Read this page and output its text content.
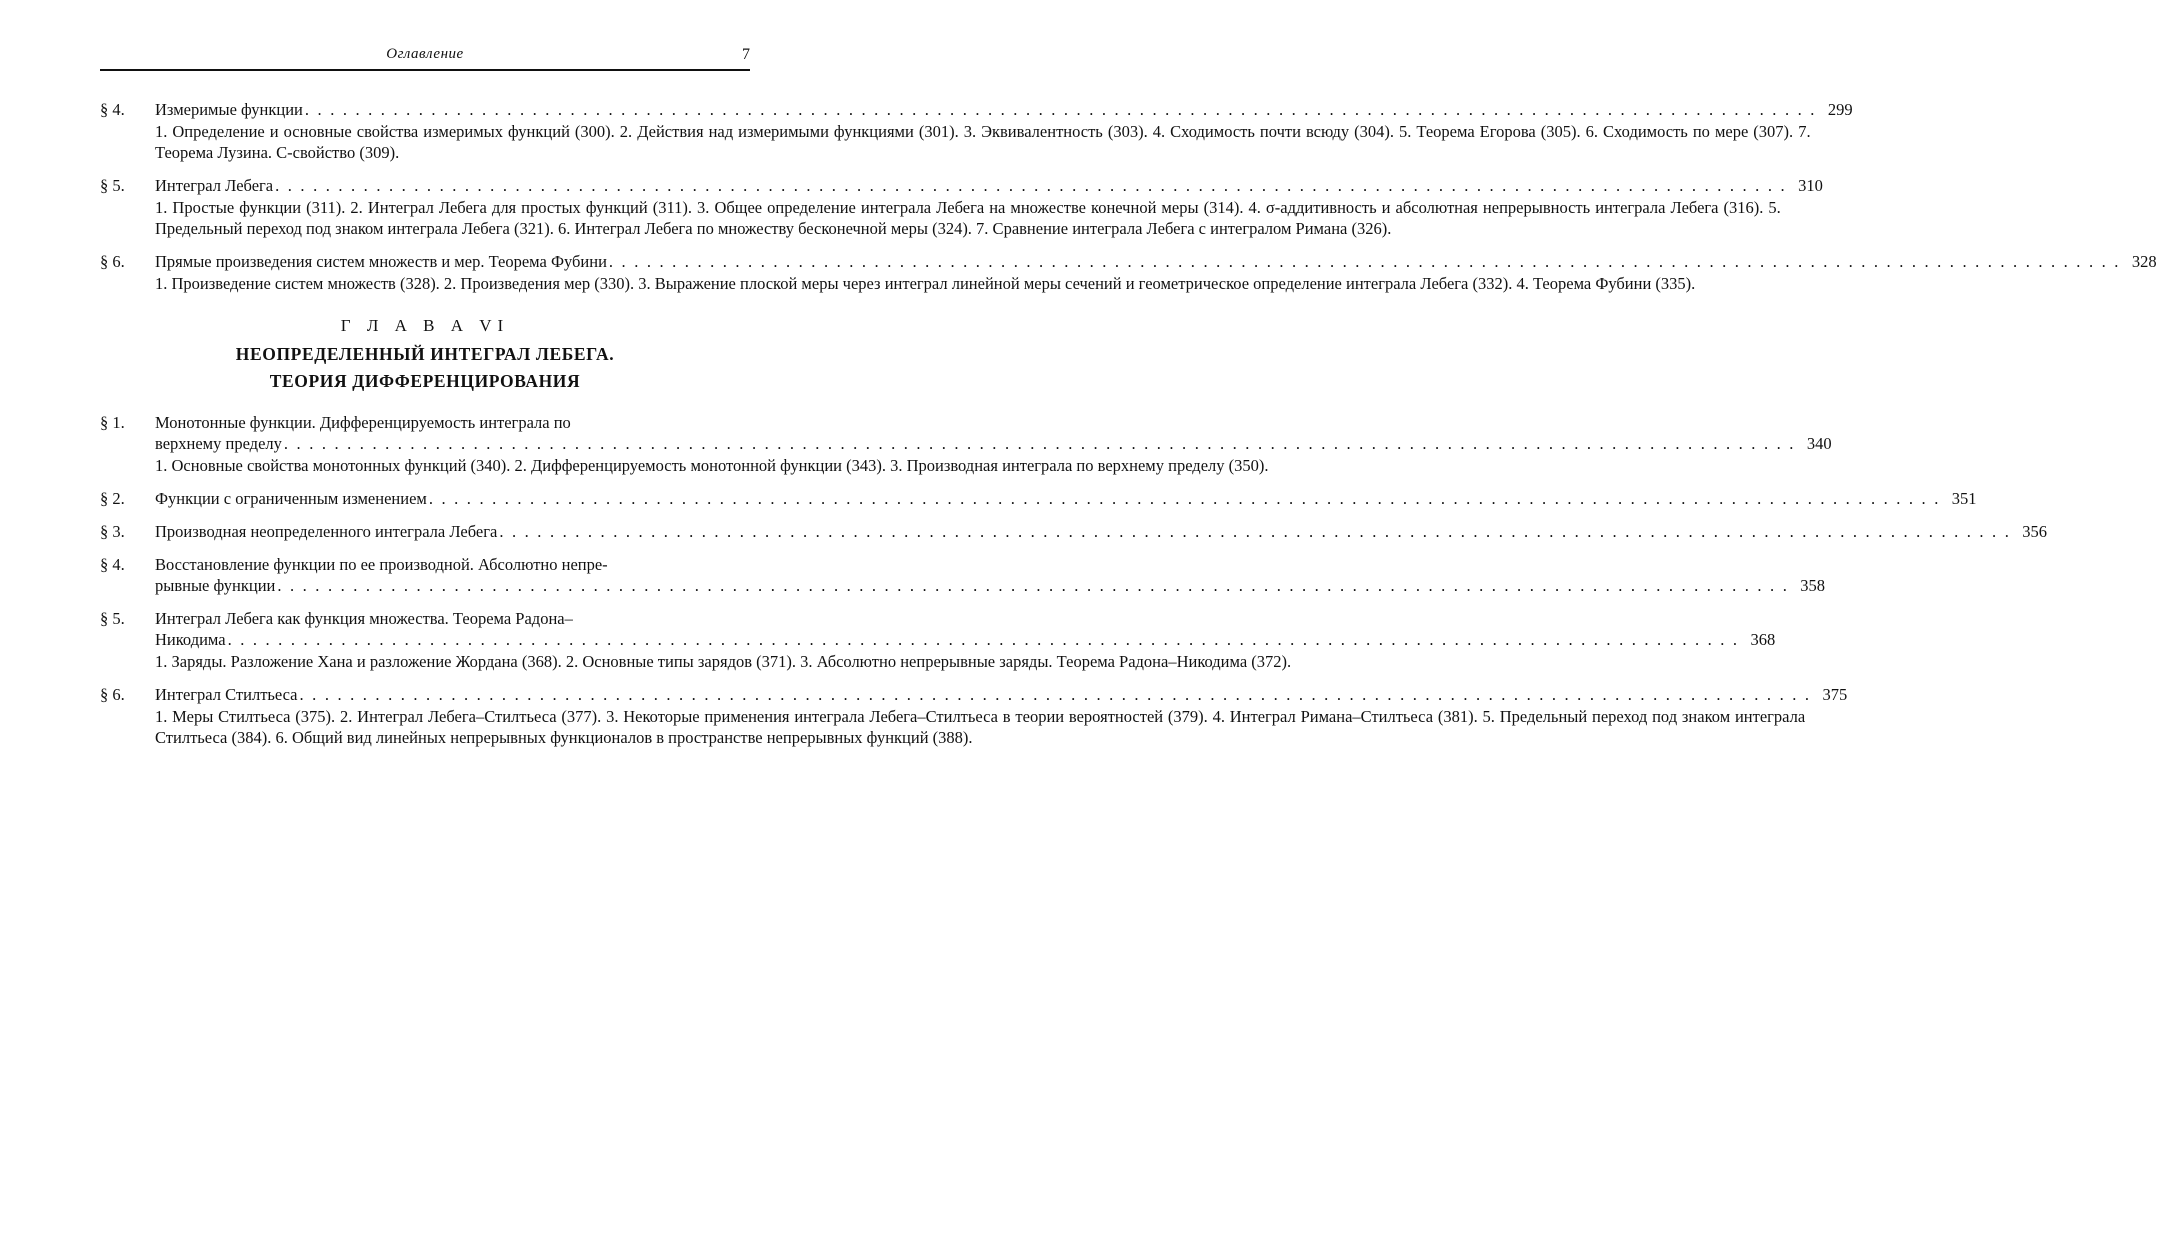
Оглавление	7
§ 4.	Измеримые функции . . . . . . . . . . . . . . . . . . . . . . . . . . . . . . . . . . . . . . . . . . . . . . . . . . . . . . . . . . . . . . . . . . . . . . . . . . . . . . . . . . . . . . . . . . . . . . . . . . . . . . . . . . . . . . . . . . . . . . . . 299
1. Определение и основные свойства измеримых функций (300). 2. Действия над измеримыми функциями (301). 3. Эквивалентность (303). 4. Сходимость почти всюду (304). 5. Теорема Егорова (305). 6. Сходимость по мере (307). 7. Теорема Лузина. C-свойство (309).
§ 5.	Интеграл Лебега . . . . . . . . . . . . . . . . . . . . . . . . . . . . . . . . . . . . . . . . . . . . . . . . . . . . . . . . . . . . . . . . . . . . . . . . . . . . . . . . . . . . . . . . . . . . . . . . . . . . . . . . . . . . . . . . . . . . . . . . 310
1. Простые функции (311). 2. Интеграл Лебега для простых функций (311). 3. Общее определение интеграла Лебега на множестве конечной меры (314). 4. σ-аддитивность и абсолютная непрерывность интеграла Лебега (316). 5. Предельный переход под знаком интеграла Лебега (321). 6. Интеграл Лебега по множеству бесконечной меры (324). 7. Сравнение интеграла Лебега с интегралом Римана (326).
§ 6.	Прямые произведения систем множеств и мер. Теорема Фубини . . . . . . . . . . . . . . . . . . . . . . . . . . . . . . . . . . . . . . . . . . . . . . . . . . . . . . . . . . . . . . . . . . . . . . . . . . . . . . . . . . . . . . . . . . . . . . . . . . . . . . . . . . . . . . . . . . . . . . . . 328
1. Произведение систем множеств (328). 2. Произведения мер (330). 3. Выражение плоской меры через интеграл линейной меры сечений и геометрическое определение интеграла Лебега (332). 4. Теорема Фубини (335).
Г Л А В А VI
НЕОПРЕДЕЛЕННЫЙ ИНТЕГРАЛ ЛЕБЕГА.
ТЕОРИЯ ДИФФЕРЕНЦИРОВАНИЯ
§ 1.	Монотонные функции. Дифференцируемость интеграла по
верхнему пределу . . . . . . . . . . . . . . . . . . . . . . . . . . . . . . . . . . . . . . . . . . . . . . . . . . . . . . . . . . . . . . . . . . . . . . . . . . . . . . . . . . . . . . . . . . . . . . . . . . . . . . . . . . . . . . . . . . . . . . . . 340
1. Основные свойства монотонных функций (340). 2. Дифференцируемость монотонной функции (343). 3. Производная интеграла по верхнему пределу (350).
§ 2.	Функции с ограниченным изменением . . . . . . . . . . . . . . . . . . . . . . . . . . . . . . . . . . . . . . . . . . . . . . . . . . . . . . . . . . . . . . . . . . . . . . . . . . . . . . . . . . . . . . . . . . . . . . . . . . . . . . . . . . . . . . . . . . . . . . . . 351
§ 3.	Производная неопределенного интеграла Лебега . . . . . . . . . . . . . . . . . . . . . . . . . . . . . . . . . . . . . . . . . . . . . . . . . . . . . . . . . . . . . . . . . . . . . . . . . . . . . . . . . . . . . . . . . . . . . . . . . . . . . . . . . . . . . . . . . . . . . . . . 356
§ 4.	Восстановление функции по ее производной. Абсолютно непре-
рывные функции . . . . . . . . . . . . . . . . . . . . . . . . . . . . . . . . . . . . . . . . . . . . . . . . . . . . . . . . . . . . . . . . . . . . . . . . . . . . . . . . . . . . . . . . . . . . . . . . . . . . . . . . . . . . . . . . . . . . . . . . 358
§ 5.	Интеграл Лебега как функция множества. Теорема Радона–
Никодима . . . . . . . . . . . . . . . . . . . . . . . . . . . . . . . . . . . . . . . . . . . . . . . . . . . . . . . . . . . . . . . . . . . . . . . . . . . . . . . . . . . . . . . . . . . . . . . . . . . . . . . . . . . . . . . . . . . . . . . . 368
1. Заряды. Разложение Хана и разложение Жордана (368). 2. Основные типы зарядов (371). 3. Абсолютно непрерывные заряды. Теорема Радона–Никодима (372).
§ 6.	Интеграл Стилтьеса . . . . . . . . . . . . . . . . . . . . . . . . . . . . . . . . . . . . . . . . . . . . . . . . . . . . . . . . . . . . . . . . . . . . . . . . . . . . . . . . . . . . . . . . . . . . . . . . . . . . . . . . . . . . . . . . . . . . . . . . 375
1. Меры Стилтьеса (375). 2. Интеграл Лебега–Стилтьеса (377). 3. Некоторые применения интеграла Лебега–Стилтьеса в теории вероятностей (379). 4. Интеграл Римана–Стилтьеса (381). 5. Предельный переход под знаком интеграла Стилтьеса (384). 6. Общий вид линейных непрерывных функционалов в пространстве непрерывных функций (388).
